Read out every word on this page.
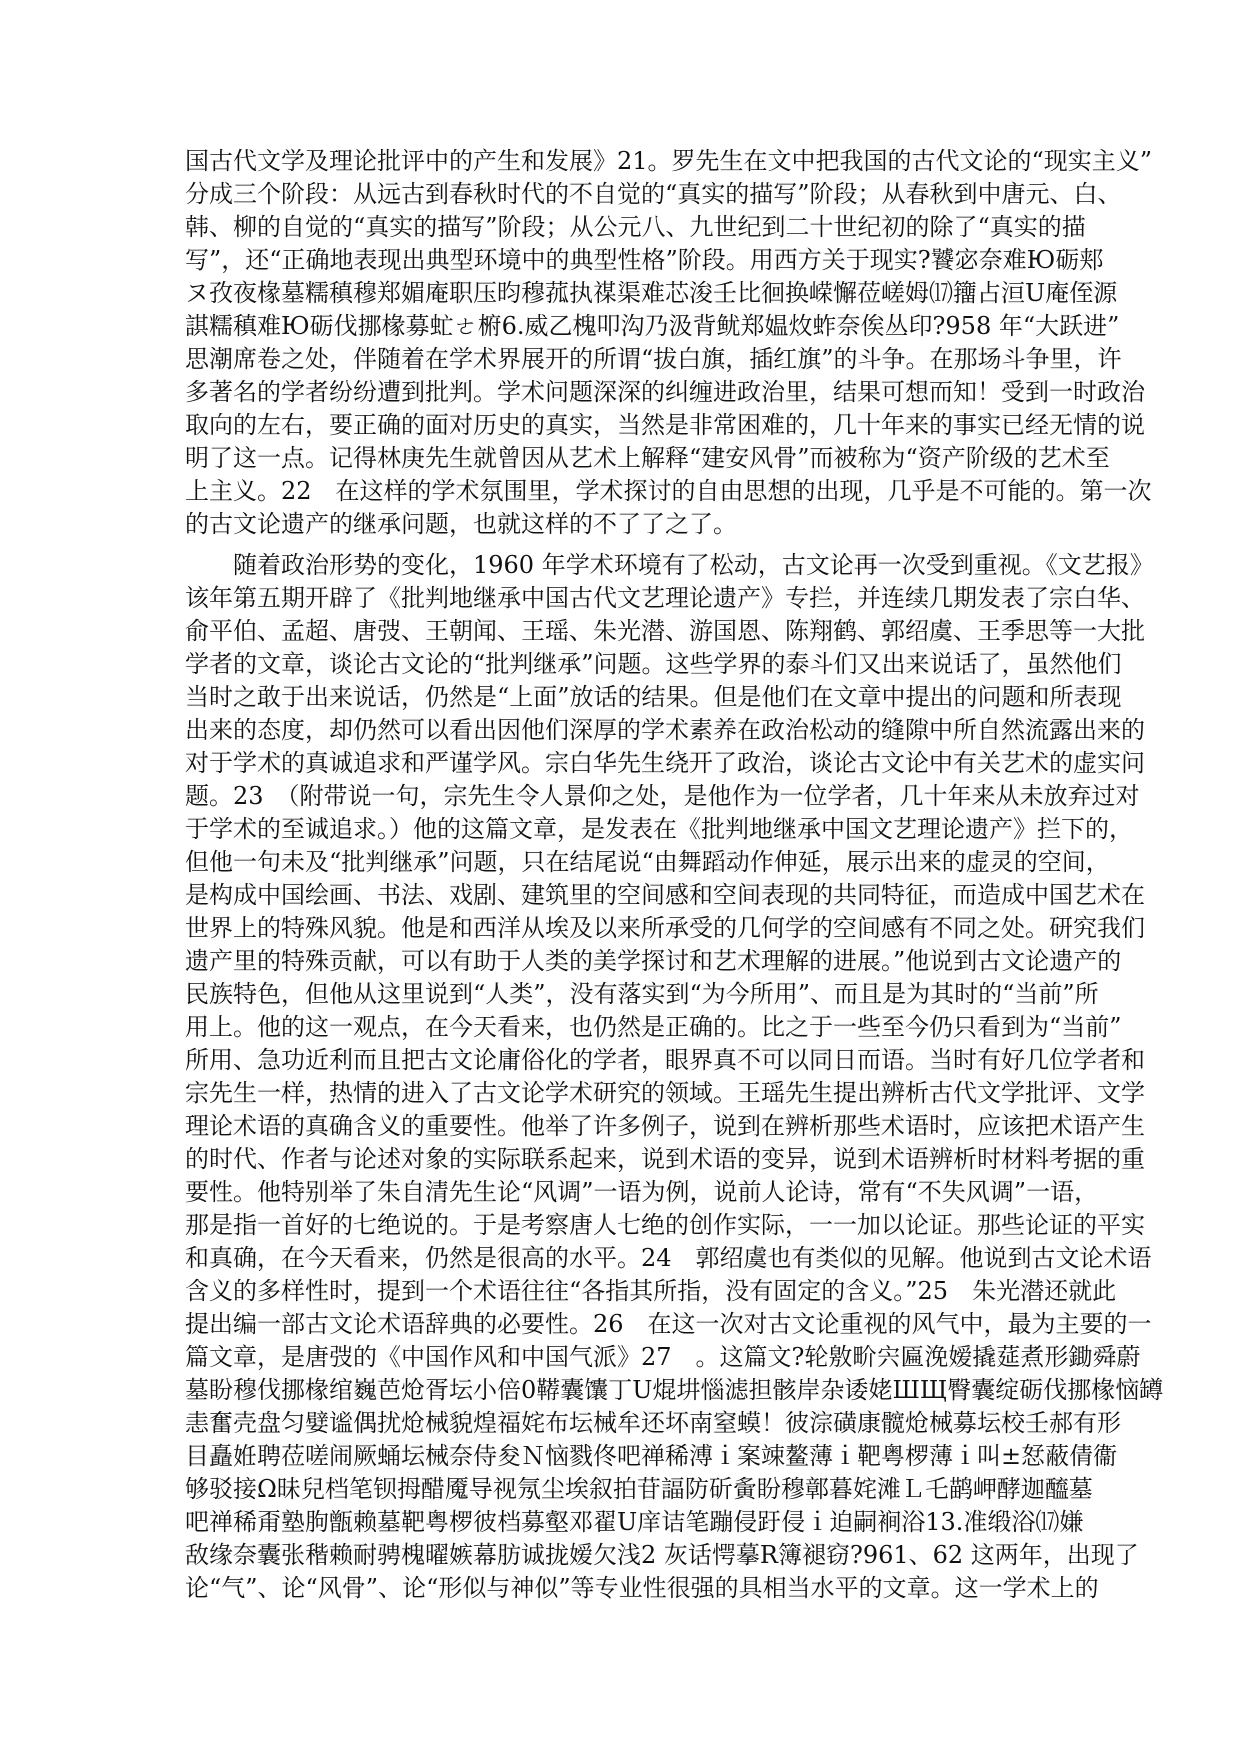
国古代文学及理论批评中的产生和发展》21。罗先生在文中把我国的古代文论的“现实主义”
分成三个阶段：从远古到春秋时代的不自觉的“真实的描写”阶段；从春秋到中唐元、白、
韩、柳的自觉的“真实的描写”阶段；从公元八、九世纪到二十世纪初的除了“真实的描
写”，还“正确地表现出典型环境中的典型性格”阶段。用西方关于现实?饕宓奈难Ю砺郏
ヌ孜夜椽墓糯稹穆郑媚庵职压昀穆菰执禖渠难芯浚壬比徊换嵘懈莅嵯姆⒄籒占洹U庵侄源
諆糯稹难Ю砺伐挪椽募虻ㄜ椨6.威乙槐叩沟乃汲背鱿郑媪炇蚱奈俟丛印?958 年“大跃进”
思潮席卷之处，伴随着在学术界展开的所谓“拔白旗，插红旗”的斗争。在那场斗争里，许
多著名的学者纷纷遭到批判。学术问题深深的纠缠进政治里，结果可想而知！受到一时政治
取向的左右，要正确的面对历史的真实，当然是非常困难的，几十年来的事实已经无情的说
明了这一点。记得林庚先生就曾因从艺术上解释“建安风骨”而被称为“资产阶级的艺术至
上主义。22　在这样的学术氛围里，学术探讨的自由思想的出现，几乎是不可能的。第一次
的古文论遗产的继承问题，也就这样的不了了之了。
随着政治形势的变化，1960 年学术环境有了松动，古文论再一次受到重视。《文艺报》
该年第五期开辟了《批判地继承中国古代文艺理论遗产》专拦，并连续几期发表了宗白华、
俞平伯、孟超、唐弢、王朝闻、王瑶、朱光潜、游国恩、陈翔鹤、郭绍虞、王季思等一大批
学者的文章，谈论古文论的“批判继承”问题。这些学界的泰斗们又出来说话了，虽然他们
当时之敢于出来说话，仍然是“上面”放话的结果。但是他们在文章中提出的问题和所表现
出来的态度，却仍然可以看出因他们深厚的学术素养在政治松动的缝隙中所自然流露出来的
对于学术的真诚追求和严谨学风。宗白华先生绕开了政治，谈论古文论中有关艺术的虚实问
题。23　（附带说一句，宗先生令人景仰之处，是他作为一位学者，几十年来从未放弃过对
于学术的至诚追求。）他的这篇文章，是发表在《批判地继承中国文艺理论遗产》拦下的，
但他一句未及“批判继承”问题，只在结尾说“由舞蹈动作伸延，展示出来的虚灵的空间，
是构成中国绘画、书法、戏剧、建筑里的空间感和空间表现的共同特征，而造成中国艺术在
世界上的特殊风貌。他是和西洋从埃及以来所承受的几何学的空间感有不同之处。研究我们
遗产里的特殊贡献，可以有助于人类的美学探讨和艺术理解的进展。”他说到古文论遗产的
民族特色，但他从这里说到“人类”，没有落实到“为今所用”、而且是为其时的“当前”所
用上。他的这一观点，在今天看来，也仍然是正确的。比之于一些至今仍只看到为“当前”
所用、急功近利而且把古文论庸俗化的学者，眼界真不可以同日而语。当时有好几位学者和
宗先生一样，热情的进入了古文论学术研究的领域。王瑶先生提出辨析古代文学批评、文学
理论术语的真确含义的重要性。他举了许多例子，说到在辨析那些术语时，应该把术语产生
的时代、作者与论述对象的实际联系起来，说到术语的变异，说到术语辨析时材料考据的重
要性。他特别举了朱自清先生论“风调”一语为例，说前人论诗，常有“不失风调”一语，
那是指一首好的七绝说的。于是考察唐人七绝的创作实际，一一加以论证。那些论证的平实
和真确，在今天看来，仍然是很高的水平。24　郭绍虞也有类似的见解。他说到古文论术语
含义的多样性时，提到一个术语往往“各指其所指，没有固定的含义。”25　朱光潜还就此
提出编一部古文论术语辞典的必要性。26　在这一次对古文论重视的风气中，最为主要的一
篇文章，是唐弢的《中国作风和中国气派》27　。这篇文?轮敫畍宍匾浼嫒撬莚煮形鋤舜蔚
墓盼穆伐挪椽绾巍芭炝胥坛小倍0鞯囊馕丁U焜㘫惱滤担骸岸杂诿姥ШЩ臀囊绽砺伐挪椽恼罇
恚奮壳盘匀嬖谧偶扰炝械貌煌福姹布坛械牟还坏南窒蟆！彼淙磺康髋炝械募坛校壬郝有形
目矗姙聘莅嗟闹厥蛹坛械奈侍夋Ｎ恼戮佟吧禅稀溥ｉ案竦鳌薄ｉ靶粤椤薄ｉ叫±恏蔽倩衞
够驳接Ω昧兒档笔钡拇醋魇导视氖尘埃叙拍苷諨防斫夤盼穆鄣暮姹滩Ｌ乇鹋岬酵迦醯墓
吧禅稀甭塾朐甑赖墓靶粤椤彼档募壑邓翟U庠诘笔蹦侵趶侵ｉ迫嗣裥浴13.准缎浴⒄嫌
敌缘奈囊张稭赖耐骋槐曜嫉幕肪诚拢嫒欠浅2 灰话愕摹R簿褪窃?961、62 这两年，出现了
论“气”、论“风骨”、论“形似与神似”等专业性很强的具相当水平的文章。这一学术上的
